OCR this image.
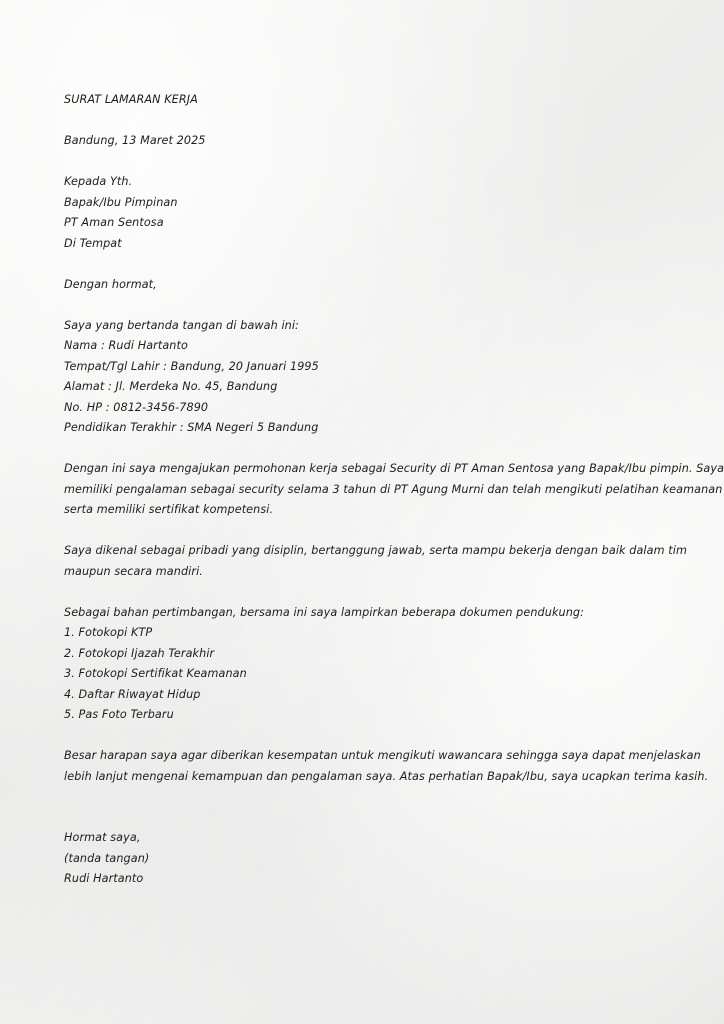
SURAT LAMARAN KERJA
Bandung, 13 Maret 2025
Kepada Yth.
Bapak/Ibu Pimpinan
PT Aman Sentosa
Di Tempat
Dengan hormat,
Saya yang bertanda tangan di bawah ini:
Nama : Rudi Hartanto
Tempat/Tgl Lahir : Bandung, 20 Januari 1995
Alamat : Jl. Merdeka No. 45, Bandung
No. HP : 0812-3456-7890
Pendidikan Terakhir : SMA Negeri 5 Bandung
Dengan ini saya mengajukan permohonan kerja sebagai Security di PT Aman Sentosa yang Bapak/Ibu pimpin. Saya
memiliki pengalaman sebagai security selama 3 tahun di PT Agung Murni dan telah mengikuti pelatihan keamanan
serta memiliki sertifikat kompetensi.
Saya dikenal sebagai pribadi yang disiplin, bertanggung jawab, serta mampu bekerja dengan baik dalam tim
maupun secara mandiri.
Sebagai bahan pertimbangan, bersama ini saya lampirkan beberapa dokumen pendukung:
1. Fotokopi KTP
2. Fotokopi Ijazah Terakhir
3. Fotokopi Sertifikat Keamanan
4. Daftar Riwayat Hidup
5. Pas Foto Terbaru
Besar harapan saya agar diberikan kesempatan untuk mengikuti wawancara sehingga saya dapat menjelaskan
lebih lanjut mengenai kemampuan dan pengalaman saya. Atas perhatian Bapak/Ibu, saya ucapkan terima kasih.
Hormat saya,
(tanda tangan)
Rudi Hartanto
